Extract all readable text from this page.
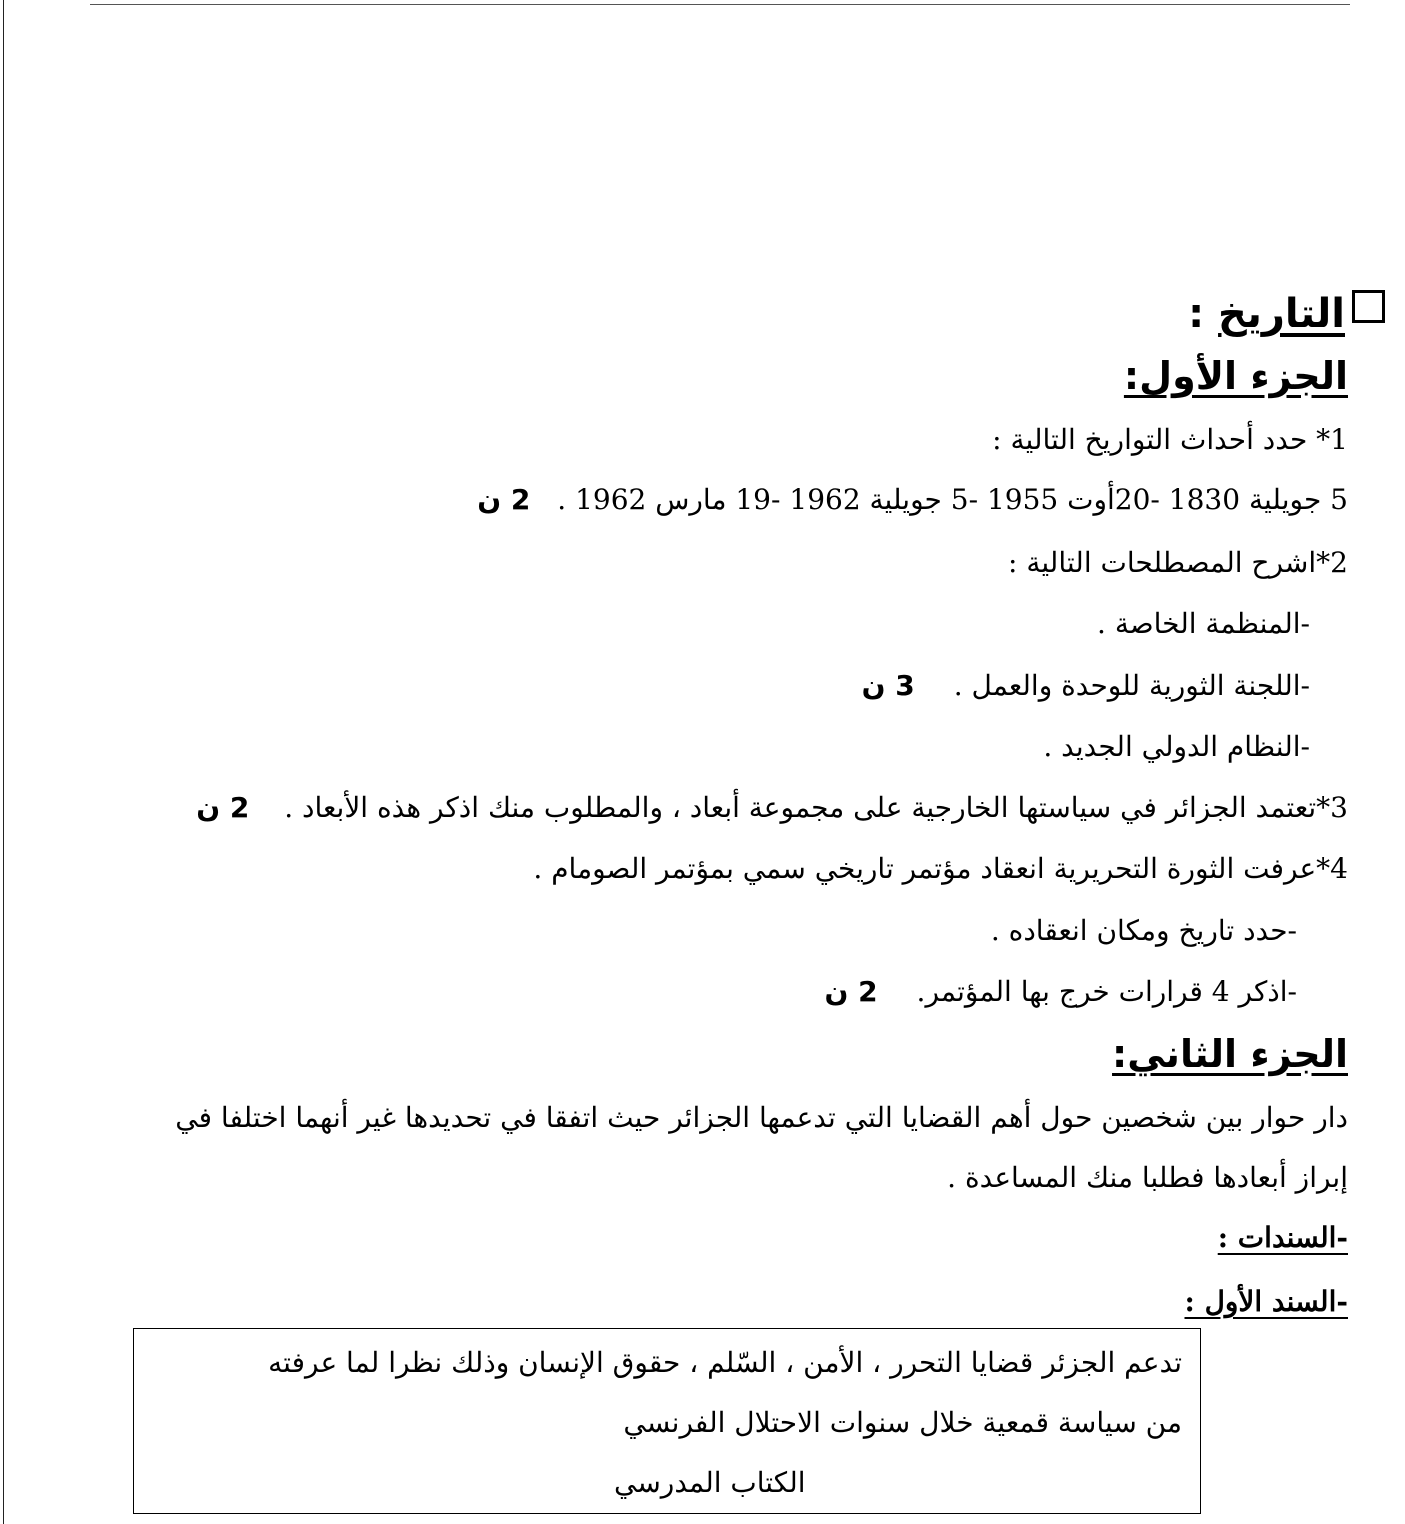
التاريخ :
الجزء الأول:
1* حدد أحداث التواريخ التالية :
5 جويلية 1830 -20أوت 1955 -5 جويلية 1962 -19 مارس 1962 . 2 ن
2*اشرح المصطلحات التالية :
-المنظمة الخاصة .
-اللجنة الثورية للوحدة والعمل . 3 ن
-النظام الدولي الجديد .
3*تعتمد الجزائر في سياستها الخارجية على مجموعة أبعاد ، والمطلوب منك اذكر هذه الأبعاد . 2 ن
4*عرفت الثورة التحريرية انعقاد مؤتمر تاريخي سمي بمؤتمر الصومام .
-حدد تاريخ ومكان انعقاده .
-اذكر 4 قرارات خرج بها المؤتمر. 2 ن
الجزء الثاني:
دار حوار بين شخصين حول أهم القضايا التي تدعمها الجزائر حيث اتفقا في تحديدها غير أنهما اختلفا في
إبراز أبعادها فطلبا منك المساعدة .
-السندات :
-السند الأول :
تدعم الجزئر قضايا التحرر ، الأمن ، السّلم ، حقوق الإنسان وذلك نظرا لما عرفته
من سياسة قمعية خلال سنوات الاحتلال الفرنسي
الكتاب المدرسي
